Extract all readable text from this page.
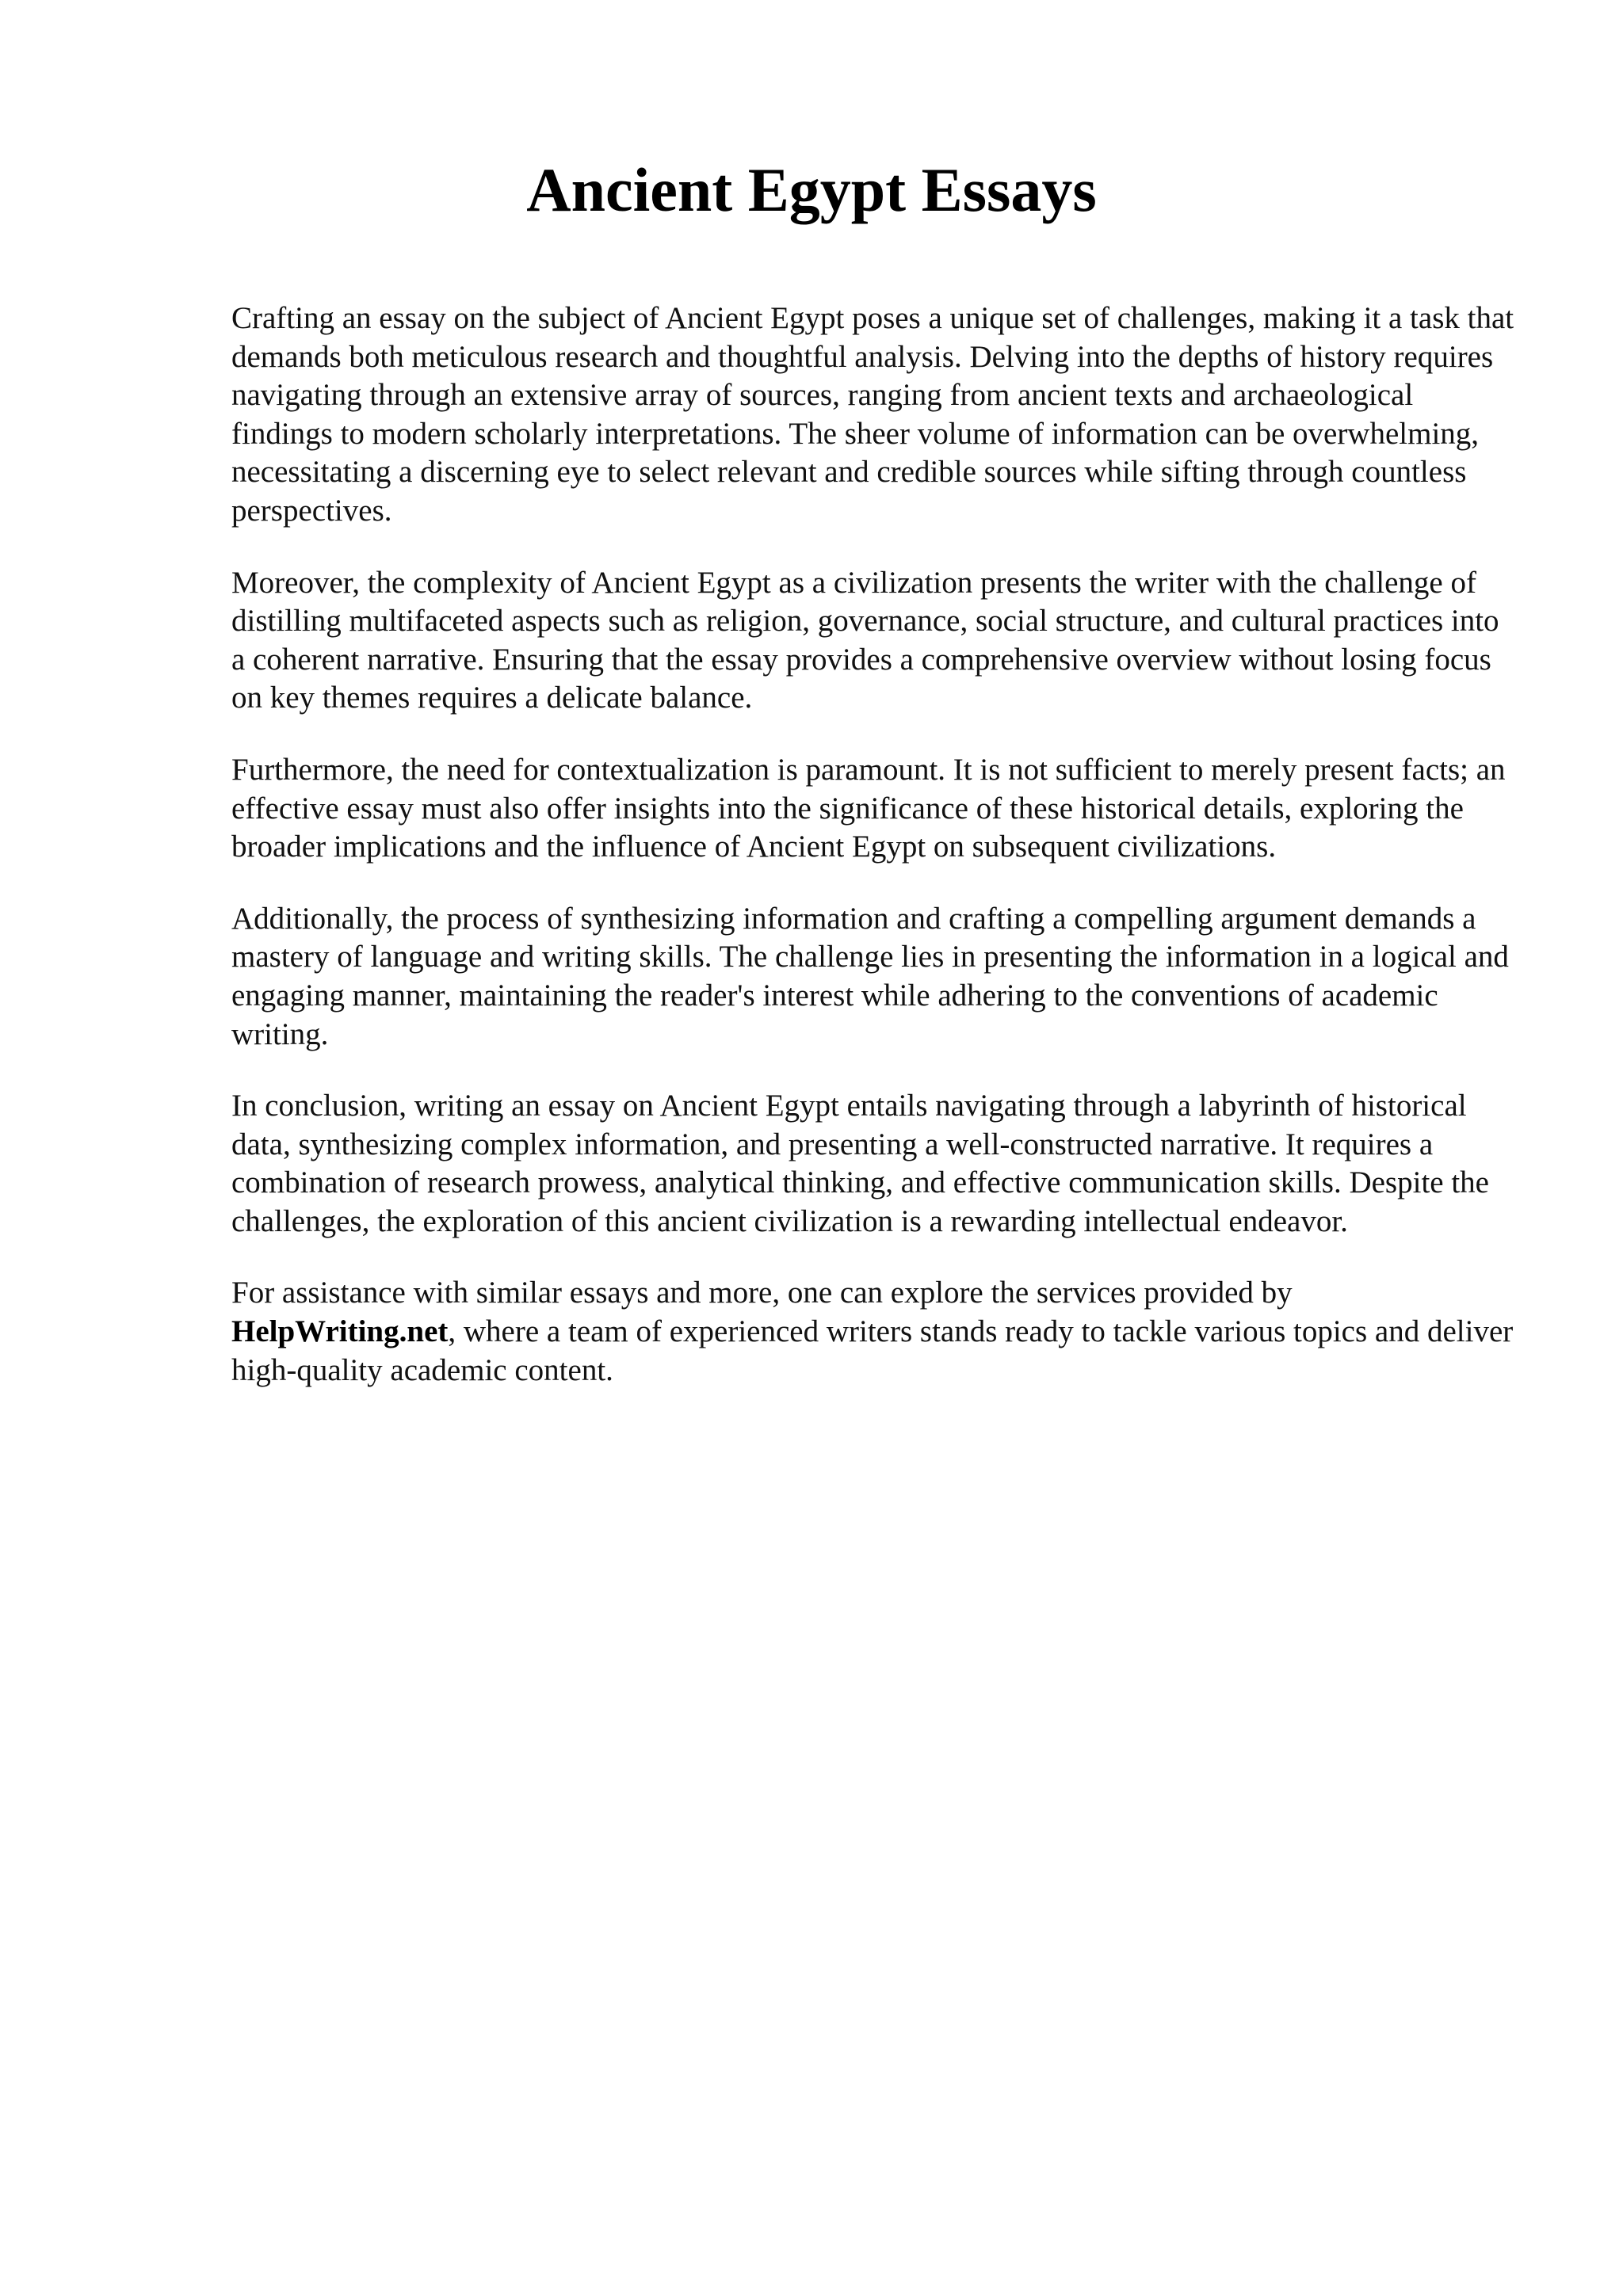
Ancient Egypt Essays

Crafting an essay on the subject of Ancient Egypt poses a unique set of challenges, making it a task that demands both meticulous research and thoughtful analysis. Delving into the depths of history requires navigating through an extensive array of sources, ranging from ancient texts and archaeological findings to modern scholarly interpretations. The sheer volume of information can be overwhelming, necessitating a discerning eye to select relevant and credible sources while sifting through countless perspectives.

Moreover, the complexity of Ancient Egypt as a civilization presents the writer with the challenge of distilling multifaceted aspects such as religion, governance, social structure, and cultural practices into a coherent narrative. Ensuring that the essay provides a comprehensive overview without losing focus on key themes requires a delicate balance.

Furthermore, the need for contextualization is paramount. It is not sufficient to merely present facts; an effective essay must also offer insights into the significance of these historical details, exploring the broader implications and the influence of Ancient Egypt on subsequent civilizations.

Additionally, the process of synthesizing information and crafting a compelling argument demands a mastery of language and writing skills. The challenge lies in presenting the information in a logical and engaging manner, maintaining the reader's interest while adhering to the conventions of academic writing.

In conclusion, writing an essay on Ancient Egypt entails navigating through a labyrinth of historical data, synthesizing complex information, and presenting a well-constructed narrative. It requires a combination of research prowess, analytical thinking, and effective communication skills. Despite the challenges, the exploration of this ancient civilization is a rewarding intellectual endeavor.

For assistance with similar essays and more, one can explore the services provided by HelpWriting.net, where a team of experienced writers stands ready to tackle various topics and deliver high-quality academic content.
